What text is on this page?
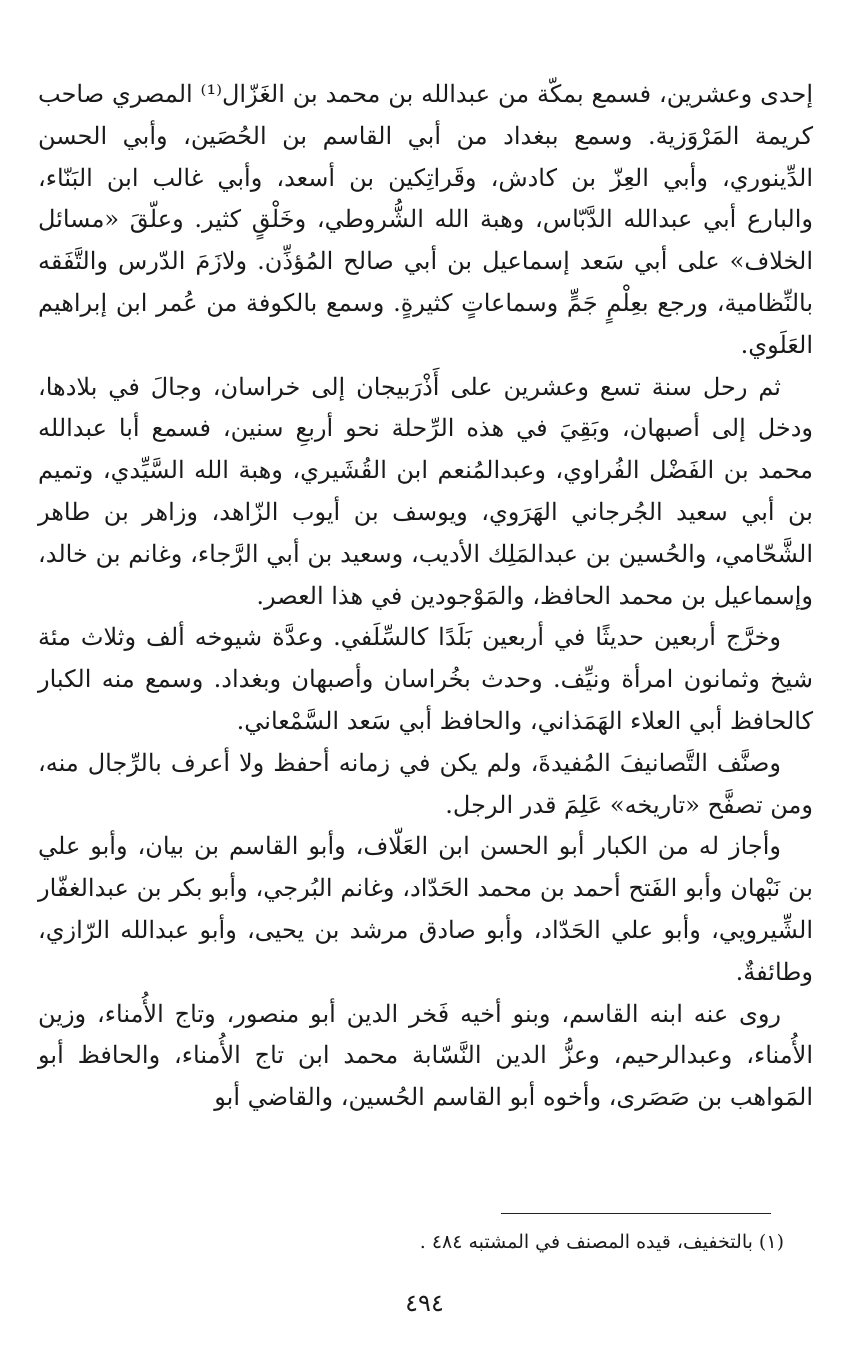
إحدى وعشرين، فسمع بمكّة من عبدالله بن محمد بن الغَزّال⁽¹⁾ المصري صاحب كريمة المَرْوَزية. وسمع ببغداد من أبي القاسم بن الحُصَين، وأبي الحسن الدِّينوري، وأبي العِزّ بن كادش، وقَراتِكين بن أسعد، وأبي غالب ابن البَنّاء، والبارع أبي عبدالله الدَّبّاس، وهبة الله الشُّروطي، وخَلْقٍ كثير. وعلّقَ «مسائل الخلاف» على أبي سَعد إسماعيل بن أبي صالح المُؤذِّن. ولازَمَ الدّرس والتَّفَقه بالنِّظامية، ورجع بعِلْمٍ جَمٍّ وسماعاتٍ كثيرةٍ. وسمع بالكوفة من عُمر ابن إبراهيم العَلَوي.

ثم رحل سنة تسع وعشرين على أَذْرَبيجان إلى خراسان، وجالَ في بلادها، ودخل إلى أصبهان، وبَقِيَ في هذه الرِّحلة نحو أربعِ سنين، فسمع أبا عبدالله محمد بن الفَضْل الفُراوي، وعبدالمُنعم ابن القُشَيري، وهبة الله السَّيِّدي، وتميم بن أبي سعيد الجُرجاني الهَرَوي، ويوسف بن أيوب الزّاهد، وزاهر بن طاهر الشَّحّامي، والحُسين بن عبدالمَلِك الأديب، وسعيد بن أبي الرَّجاء، وغانم بن خالد، وإسماعيل بن محمد الحافظ، والمَوْجودين في هذا العصر.

وخرَّج أربعين حديثًا في أربعين بَلَدًا كالسِّلَفي. وعدَّة شيوخه ألف وثلاث مئة شيخ وثمانون امرأة ونيِّف. وحدث بخُراسان وأصبهان وبغداد. وسمع منه الكبار كالحافظ أبي العلاء الهَمَذاني، والحافظ أبي سَعد السَّمْعاني.

وصنَّف التَّصانيفَ المُفيدةَ، ولم يكن في زمانه أحفظ ولا أعرف بالرِّجال منه، ومن تصفَّح «تاريخه» عَلِمَ قدر الرجل.

وأجاز له من الكبار أبو الحسن ابن العَلّاف، وأبو القاسم بن بيان، وأبو علي بن نَبْهان وأبو الفَتح أحمد بن محمد الحَدّاد، وغانم البُرجي، وأبو بكر بن عبدالغفّار الشِّيرويي، وأبو علي الحَدّاد، وأبو صادق مرشد بن يحيى، وأبو عبدالله الرّازي، وطائفةٌ.

روى عنه ابنه القاسم، وبنو أخيه فَخر الدين أبو منصور، وتاج الأُمناء، وزين الأُمناء، وعبدالرحيم، وعزُّ الدين النَّسّابة محمد ابن تاج الأُمناء، والحافظ أبو المَواهب بن صَصَرى، وأخوه أبو القاسم الحُسين، والقاضي أبو

(١) بالتخفيف، قيده المصنف في المشتبه ٤٨٤ .
٤٩٤
